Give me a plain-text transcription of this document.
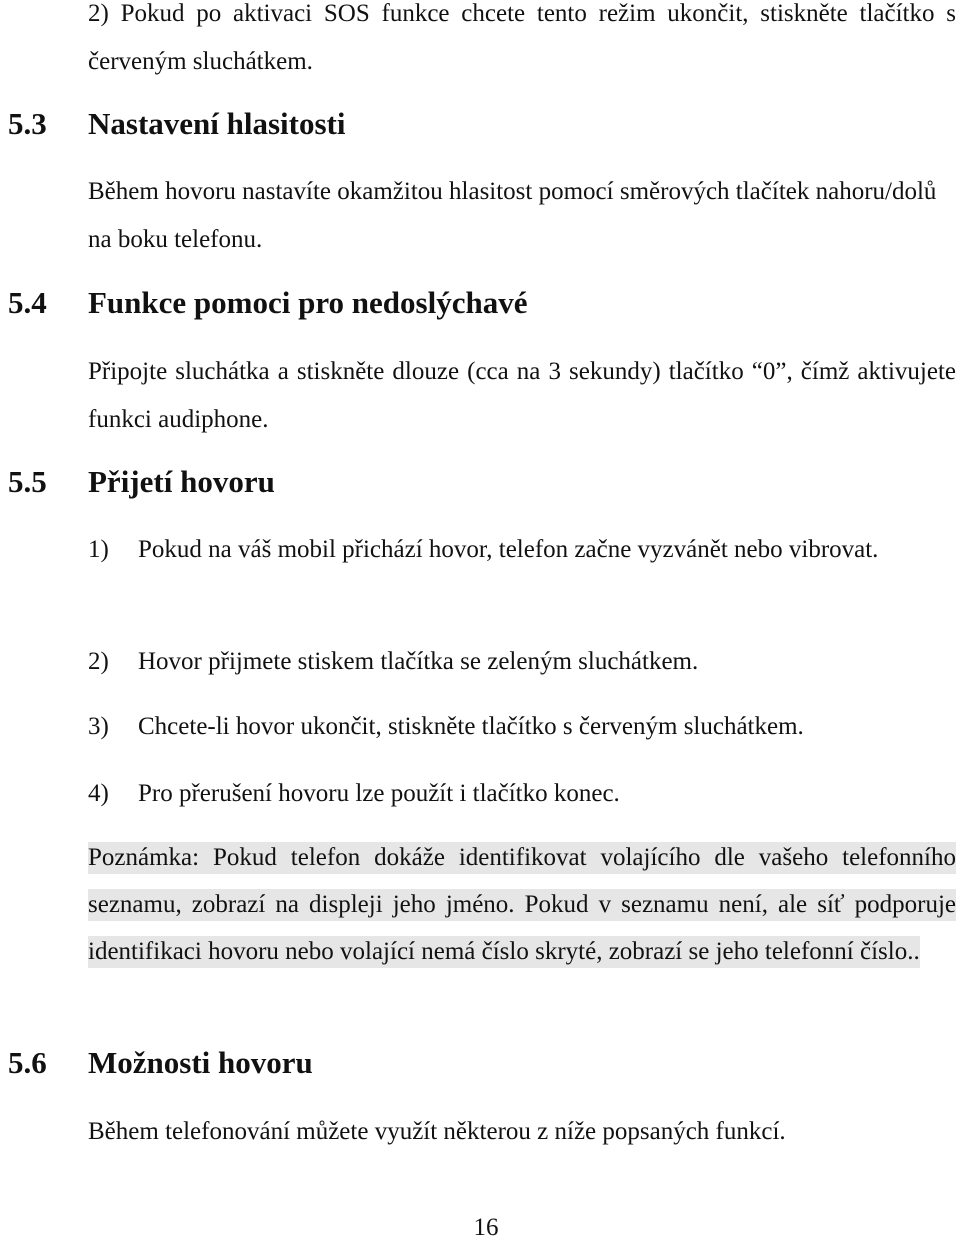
2) Pokud po aktivaci SOS funkce chcete tento režim ukončit, stiskněte tlačítko s červeným sluchátkem.

5.3 Nastavení hlasitosti

Během hovoru nastavíte okamžitou hlasitost pomocí směrových tlačítek nahoru/dolů na boku telefonu.

5.4 Funkce pomoci pro nedoslýchavé

Připojte sluchátka a stiskněte dlouze (cca na 3 sekundy) tlačítko “0”, čímž aktivujete funkci audiphone.

5.5 Přijetí hovoru
1)	Pokud na váš mobil přichází hovor, telefon začne vyzvánět nebo vibrovat.
2)	Hovor přijmete stiskem tlačítka se zeleným sluchátkem.
3)	Chcete-li hovor ukončit, stiskněte tlačítko s červeným sluchátkem.
4)	Pro přerušení hovoru lze použít i tlačítko konec.

Poznámka: Pokud telefon dokáže identifikovat volajícího dle vašeho telefonního seznamu, zobrazí na displeji jeho jméno. Pokud v seznamu není, ale síť podporuje identifikaci hovoru nebo volající nemá číslo skryté, zobrazí se jeho telefonní číslo..

5.6 Možnosti hovoru

Během telefonování můžete využít některou z níže popsaných funkcí.

16
